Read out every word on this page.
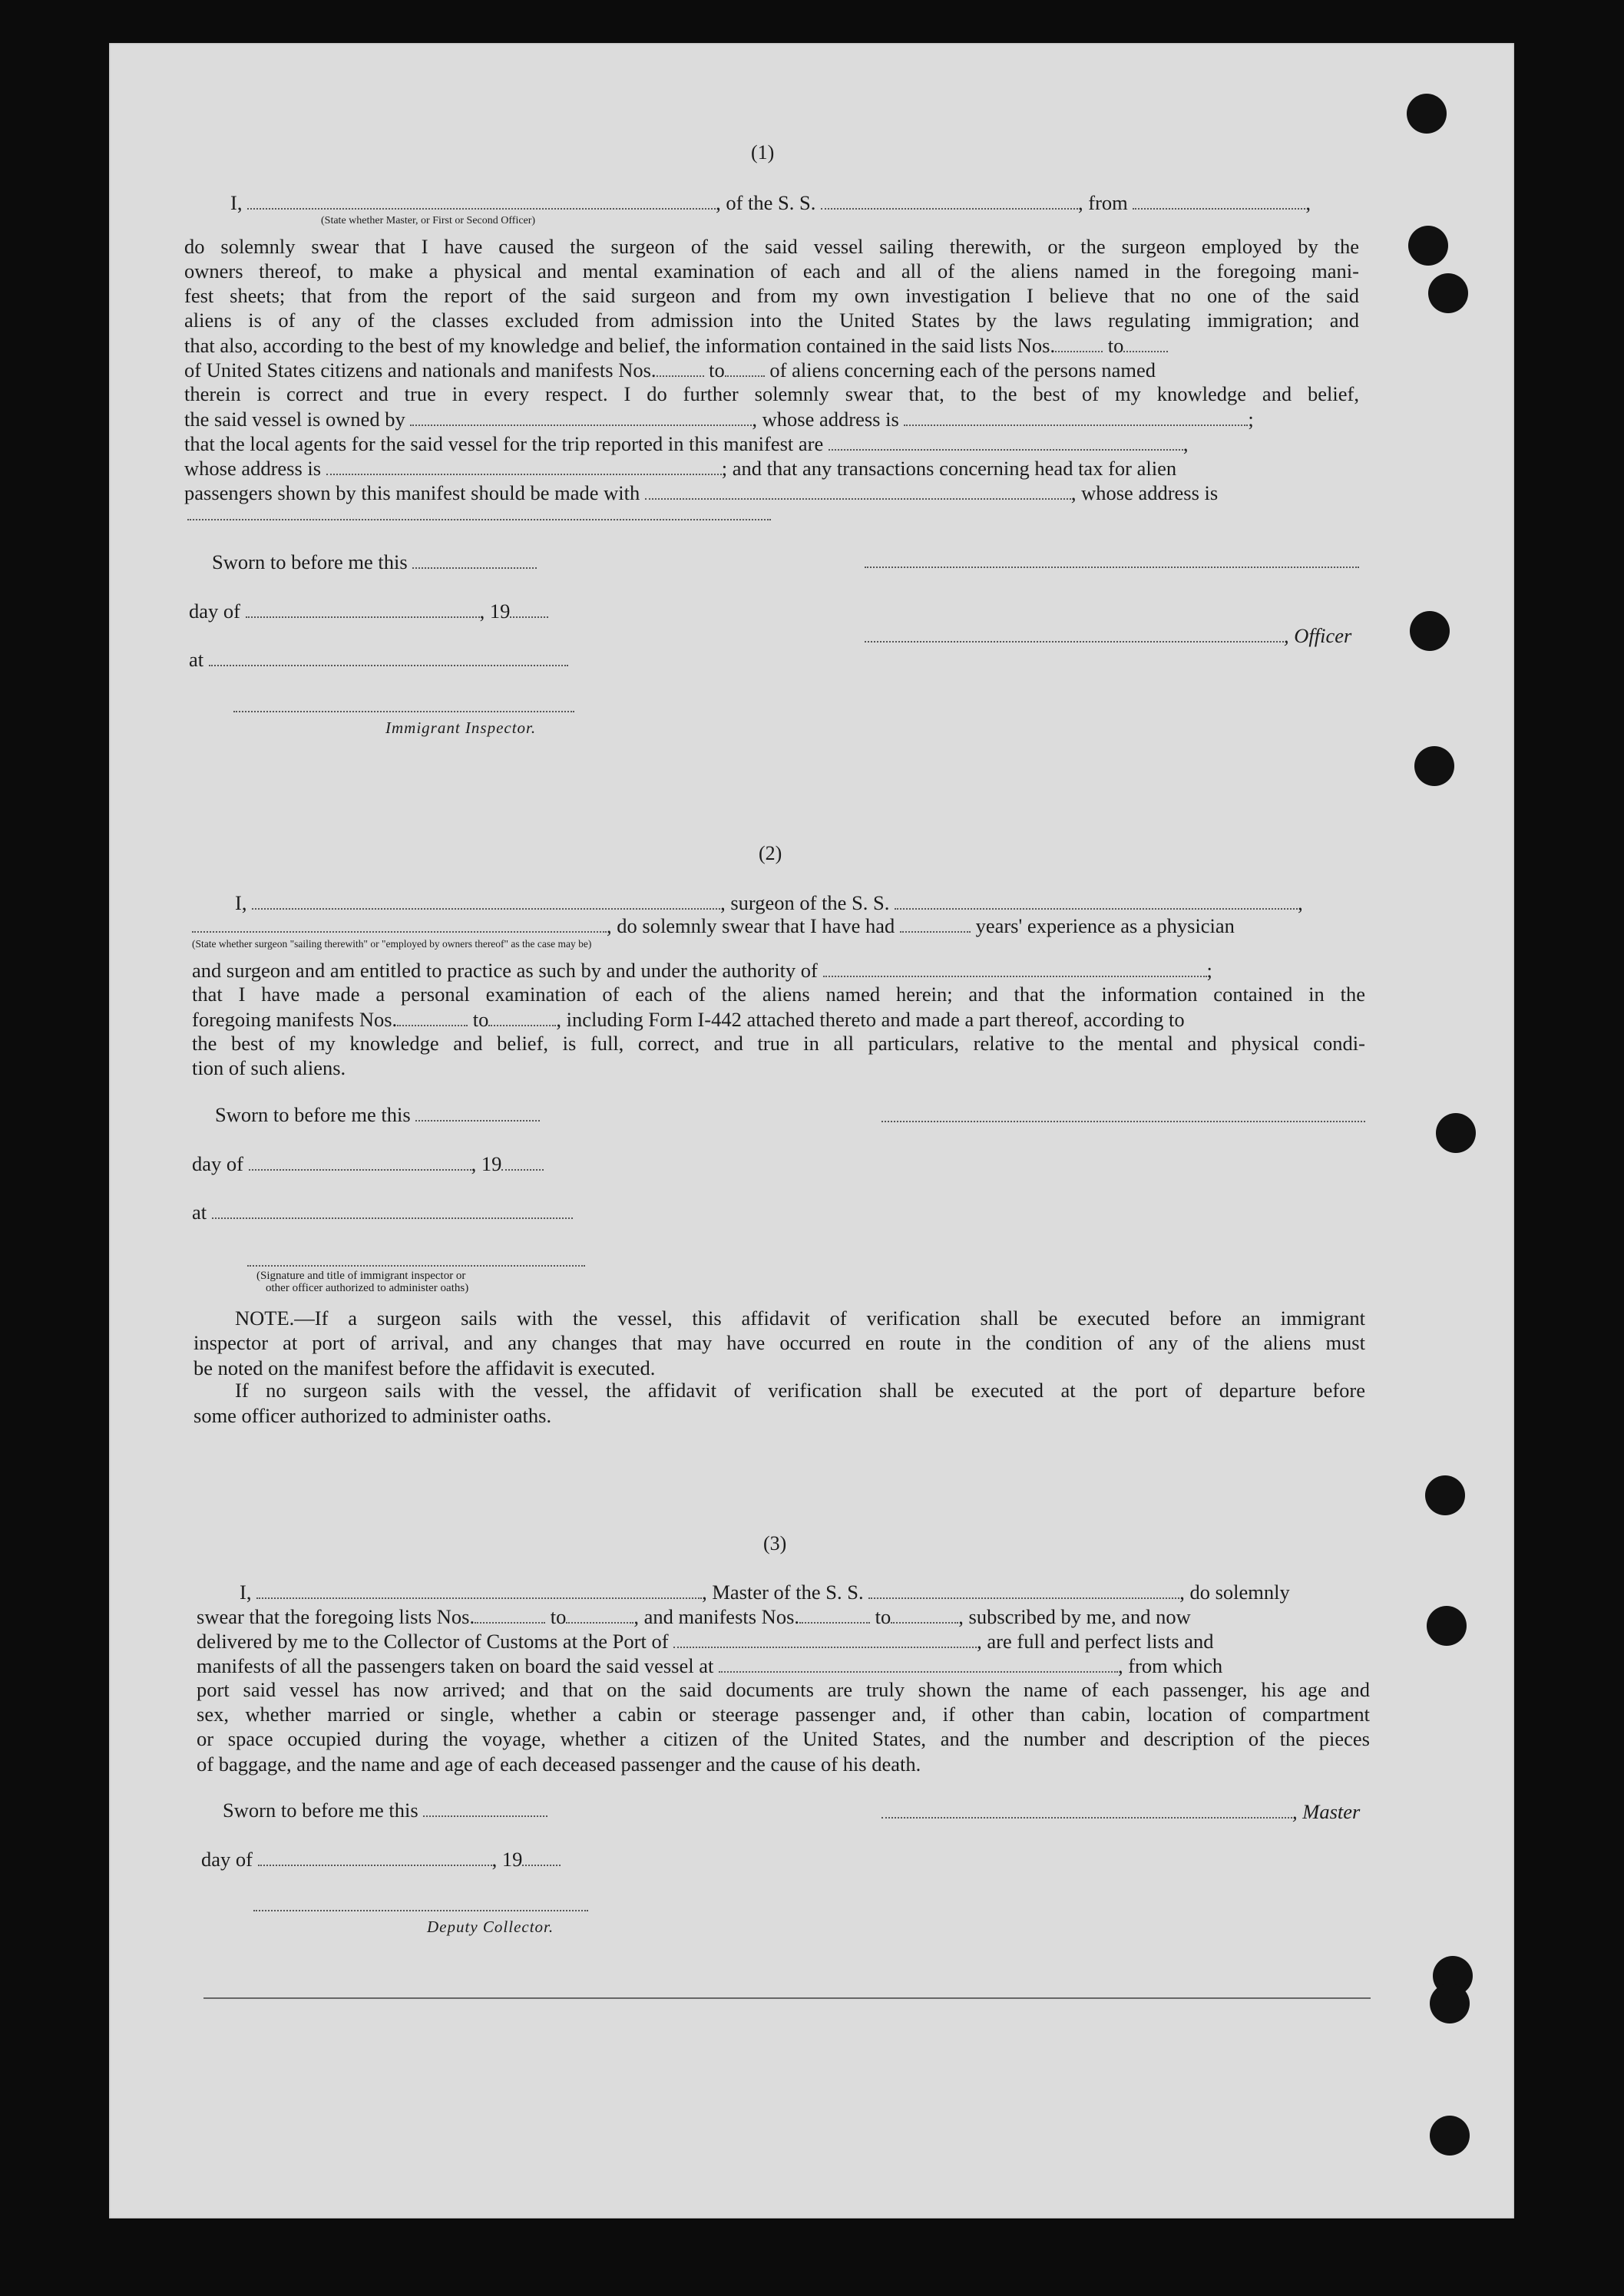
(1)
I,	, of the S. S.	, from	,
(State whether Master, or First or Second Officer)
do solemnly swear that I have caused the surgeon of the said vessel sailing therewith, or the surgeon employed by the
owners thereof, to make a physical and mental examination of each and all of the aliens named in the foregoing mani-
fest sheets; that from the report of the said surgeon and from my own investigation I believe that no one of the said
aliens is of any of the classes excluded from admission into the United States by the laws regulating immigration; and
that also, according to the best of my knowledge and belief, the information contained in the said lists Nos.	to
of United States citizens and nationals and manifests Nos.	to of aliens concerning each of the persons named
therein is correct and true in every respect. I do further solemnly swear that, to the best of my knowledge and belief,
the said vessel is owned by	, whose address is	;
that the local agents for the said vessel for the trip reported in this manifest are	,
whose address is	; and that any transactions concerning head tax for alien
passengers shown by this manifest should be made with	, whose address is
Sworn to before me this
day of	, 19
, Officer
at
Immigrant Inspector.
(2)
I,	, surgeon of the S. S.	,
, do solemnly swear that I have had	years' experience as a physician
(State whether surgeon "sailing therewith" or "employed by owners thereof" as the case may be)
and surgeon and am entitled to practice as such by and under the authority of	;
that I have made a personal examination of each of the aliens named herein; and that the information contained in the
foregoing manifests Nos.	to	, including Form I-442 attached thereto and made a part thereof, according to
the best of my knowledge and belief, is full, correct, and true in all particulars, relative to the mental and physical condi-
tion of such aliens.
Sworn to before me this
day of	, 19
at
(Signature and title of immigrant inspector or
other officer authorized to administer oaths)
NOTE.—If a surgeon sails with the vessel, this affidavit of verification shall be executed before an immigrant
inspector at port of arrival, and any changes that may have occurred en route in the condition of any of the aliens must
be noted on the manifest before the affidavit is executed.
If no surgeon sails with the vessel, the affidavit of verification shall be executed at the port of departure before
some officer authorized to administer oaths.
(3)
I,	, Master of the S. S.	, do solemnly
swear that the foregoing lists Nos.	to	, and manifests Nos.	to	, subscribed by me, and now
delivered by me to the Collector of Customs at the Port of	, are full and perfect lists and
manifests of all the passengers taken on board the said vessel at	, from which
port said vessel has now arrived; and that on the said documents are truly shown the name of each passenger, his age and
sex, whether married or single, whether a cabin or steerage passenger and, if other than cabin, location of compartment
or space occupied during the voyage, whether a citizen of the United States, and the number and description of the pieces
of baggage, and the name and age of each deceased passenger and the cause of his death.
Sworn to before me this	, Master
day of	, 19
Deputy Collector.
